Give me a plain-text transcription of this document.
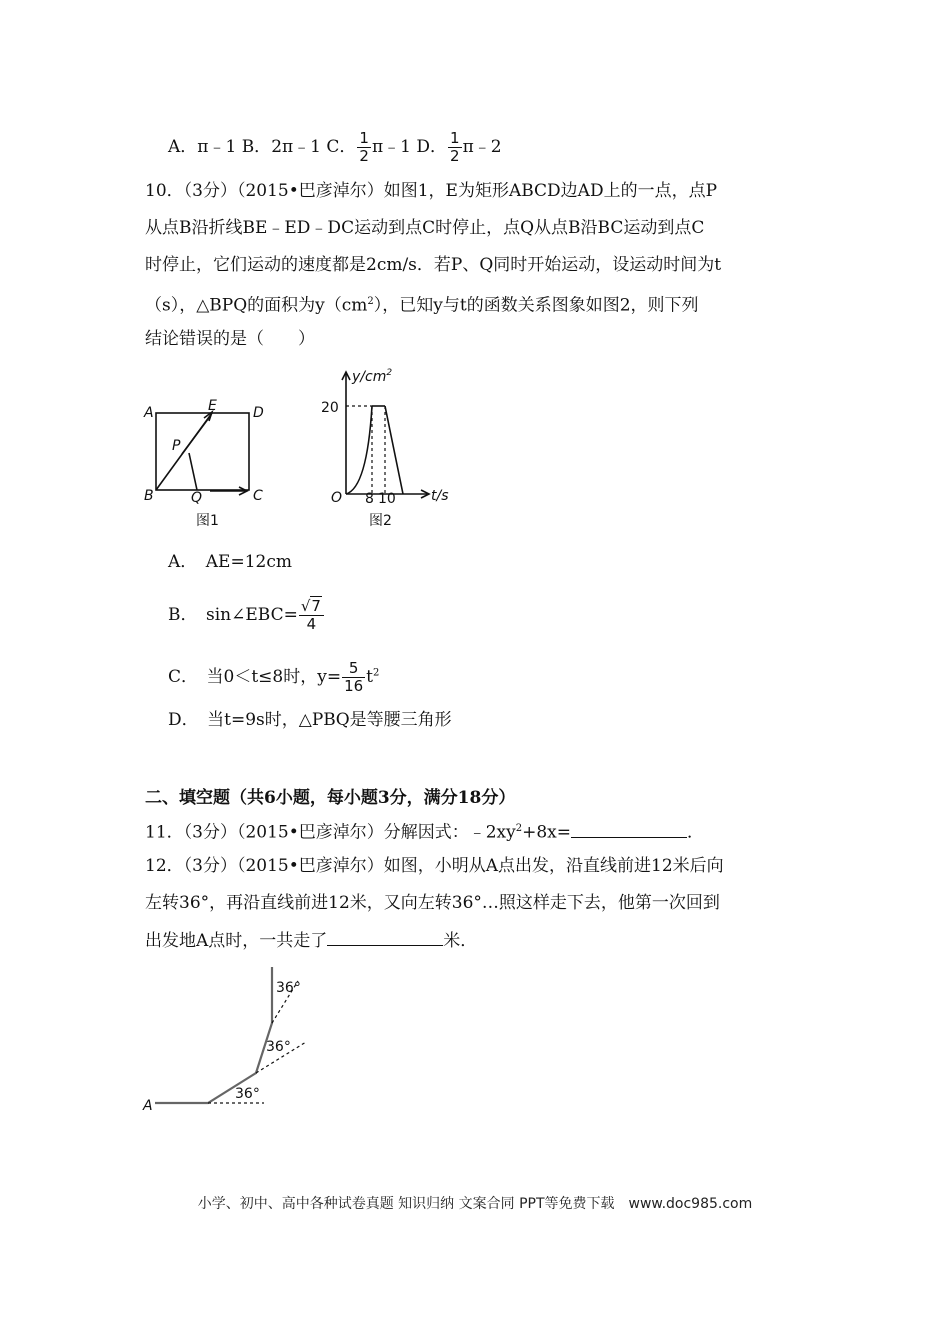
A．π﹣1 B．2π﹣1 C． $\frac{1}{2}$ π﹣1 D． $\frac{1}{2}$ π﹣2
10．（3分）（2015•巴彦淖尔）如图1，E为矩形ABCD边AD上的一点，点P
从点B沿折线BE﹣ED﹣DC运动到点C时停止，点Q从点B沿BC运动到点C
时停止，它们运动的速度都是2cm/s．若P、Q同时开始运动，设运动时间为t
（s），△BPQ的面积为$y(cm^2)$，已知y与t的函数关系图象如图2，则下列
结论错误的是（　　）
A	E	D
P
B	Q	C
图1
$y/cm^2$
20
O 8 10	t/s
图2
A．　AE=12cm
B．　sin∠EBC= $\frac{√7}{4}$
C．　当0＜t≤8时，$y= \frac{5}{16} t^2$
D．　当t=9s时，△PBQ是等腰三角形
二、填空题（共6小题，每小题3分，满分18分）
11．（3分）（2015•巴彦淖尔）分解因式：$﹣2xy^2+8x=$	．
12．（3分）（2015•巴彦淖尔）如图，小明从A点出发，沿直线前进12米后向
左转36°，再沿直线前进12米，又向左转36°…照这样走下去，他第一次回到
出发地A点时，一共走了	米．
A
36°
36°
36°
小学、初中、高中各种试卷真题 知识归纳 文案合同 PPT等免费下载　www.doc985.com
